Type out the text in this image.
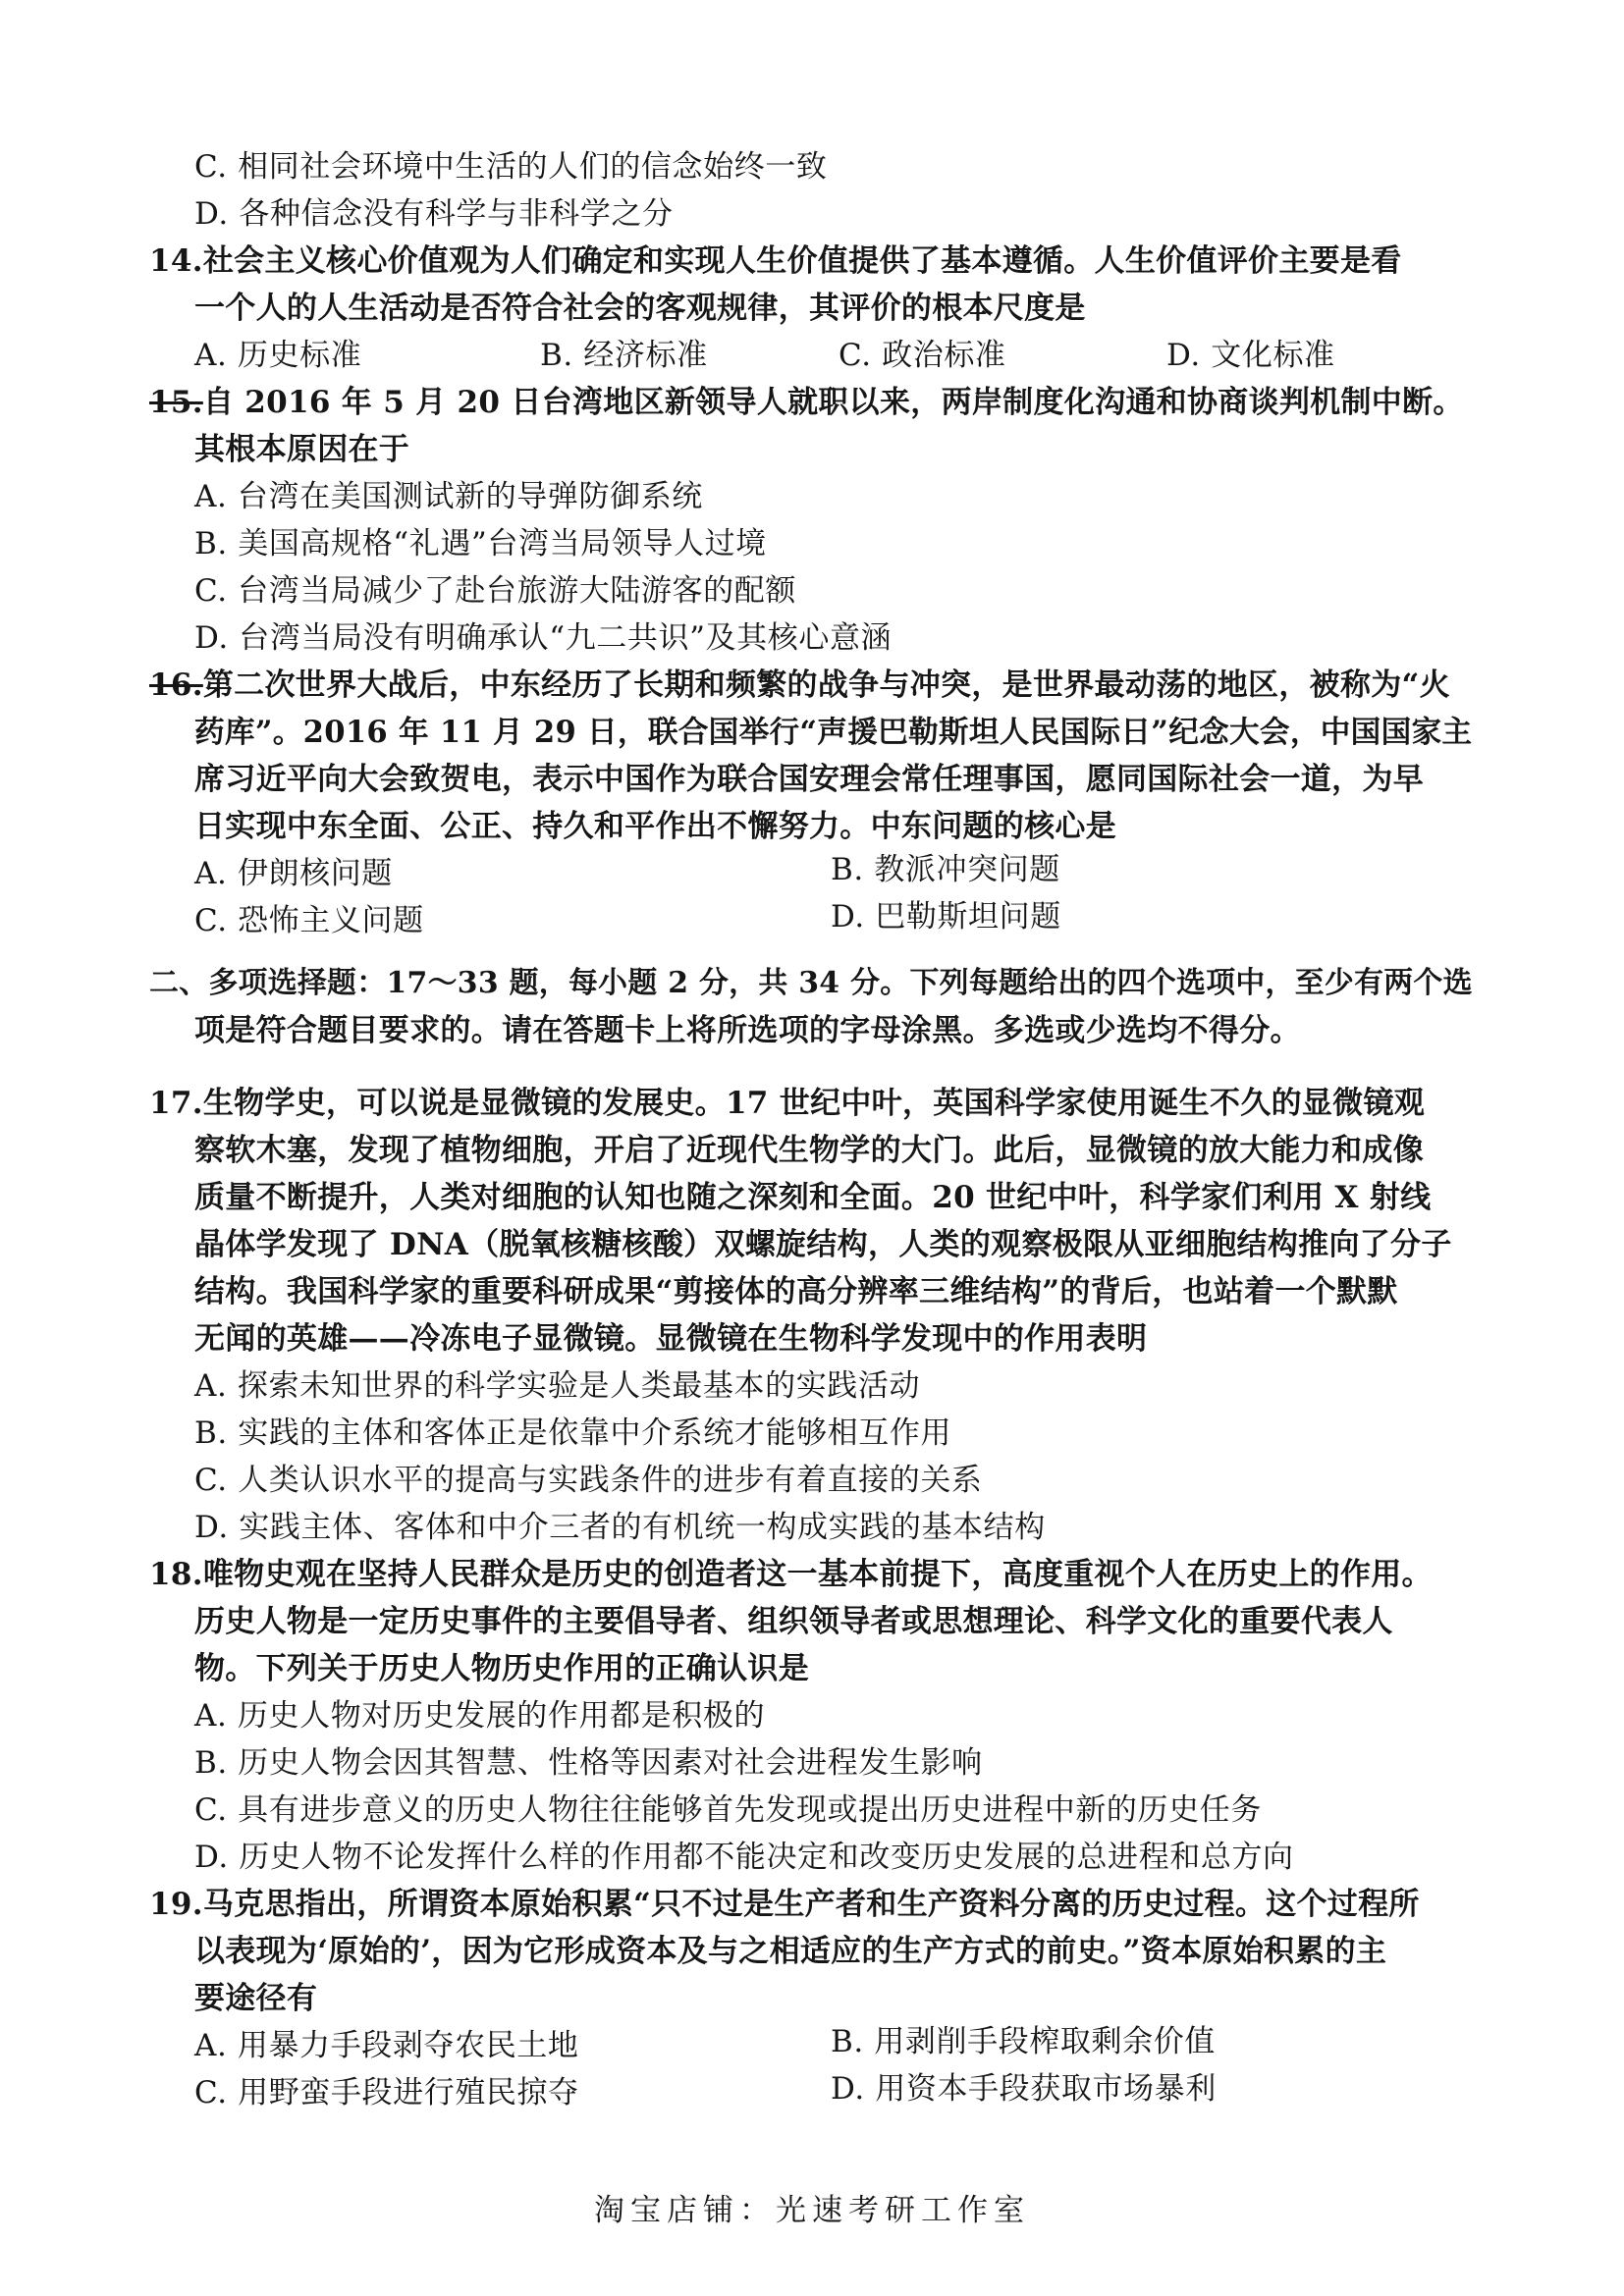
C. 相同社会环境中生活的人们的信念始终一致
D. 各种信念没有科学与非科学之分
14.社会主义核心价值观为人们确定和实现人生价值提供了基本遵循。人生价值评价主要是看
一个人的人生活动是否符合社会的客观规律，其评价的根本尺度是
A. 历史标准	B. 经济标准	C. 政治标准	D. 文化标准
15.自 2016 年 5 月 20 日台湾地区新领导人就职以来，两岸制度化沟通和协商谈判机制中断。
其根本原因在于
A. 台湾在美国测试新的导弹防御系统
B. 美国高规格“礼遇”台湾当局领导人过境
C. 台湾当局减少了赴台旅游大陆游客的配额
D. 台湾当局没有明确承认“九二共识”及其核心意涵
16.第二次世界大战后，中东经历了长期和频繁的战争与冲突，是世界最动荡的地区，被称为“火
药库”。2016 年 11 月 29 日，联合国举行“声援巴勒斯坦人民国际日”纪念大会，中国国家主
席习近平向大会致贺电，表示中国作为联合国安理会常任理事国，愿同国际社会一道，为早
日实现中东全面、公正、持久和平作出不懈努力。中东问题的核心是
A. 伊朗核问题	B. 教派冲突问题
C. 恐怖主义问题	D. 巴勒斯坦问题
二、多项选择题：17～33 题，每小题 2 分，共 34 分。下列每题给出的四个选项中，至少有两个选
项是符合题目要求的。请在答题卡上将所选项的字母涂黑。多选或少选均不得分。
17.生物学史，可以说是显微镜的发展史。17 世纪中叶，英国科学家使用诞生不久的显微镜观
察软木塞，发现了植物细胞，开启了近现代生物学的大门。此后，显微镜的放大能力和成像
质量不断提升，人类对细胞的认知也随之深刻和全面。20 世纪中叶，科学家们利用 X 射线
晶体学发现了 DNA（脱氧核糖核酸）双螺旋结构，人类的观察极限从亚细胞结构推向了分子
结构。我国科学家的重要科研成果“剪接体的高分辨率三维结构”的背后，也站着一个默默
无闻的英雄——冷冻电子显微镜。显微镜在生物科学发现中的作用表明
A. 探索未知世界的科学实验是人类最基本的实践活动
B. 实践的主体和客体正是依靠中介系统才能够相互作用
C. 人类认识水平的提高与实践条件的进步有着直接的关系
D. 实践主体、客体和中介三者的有机统一构成实践的基本结构
18.唯物史观在坚持人民群众是历史的创造者这一基本前提下，高度重视个人在历史上的作用。
历史人物是一定历史事件的主要倡导者、组织领导者或思想理论、科学文化的重要代表人
物。下列关于历史人物历史作用的正确认识是
A. 历史人物对历史发展的作用都是积极的
B. 历史人物会因其智慧、性格等因素对社会进程发生影响
C. 具有进步意义的历史人物往往能够首先发现或提出历史进程中新的历史任务
D. 历史人物不论发挥什么样的作用都不能决定和改变历史发展的总进程和总方向
19.马克思指出，所谓资本原始积累“只不过是生产者和生产资料分离的历史过程。这个过程所
以表现为‘原始的’，因为它形成资本及与之相适应的生产方式的前史。”资本原始积累的主
要途径有
A. 用暴力手段剥夺农民土地	B. 用剥削手段榨取剩余价值
C. 用野蛮手段进行殖民掠夺	D. 用资本手段获取市场暴利
淘宝店铺：光速考研工作室
